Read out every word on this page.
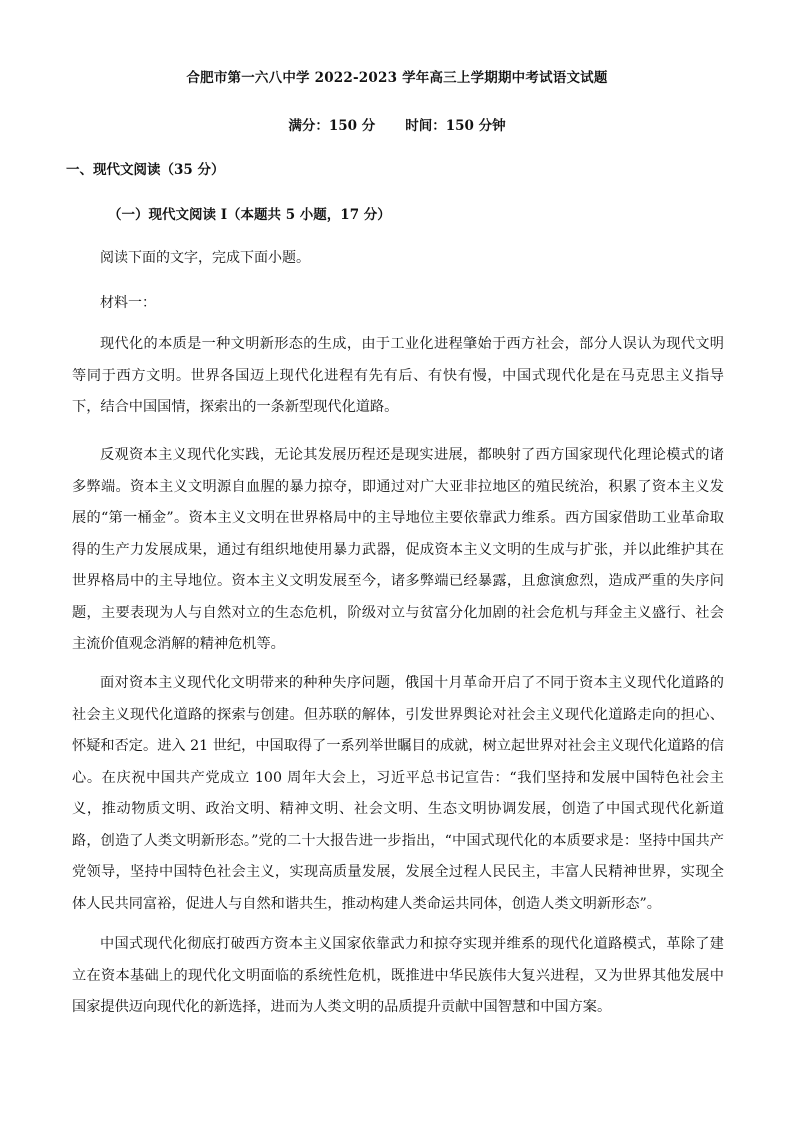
合肥市第一六八中学 2022-2023 学年高三上学期期中考试语文试题
满分：150 分 时间：150 分钟
一、现代文阅读（35 分）
（一）现代文阅读 I（本题共 5 小题，17 分）
阅读下面的文字，完成下面小题。
材料一：

现代化的本质是一种文明新形态的生成，由于工业化进程肇始于西方社会，部分人误认为现代文明等同于西方文明。世界各国迈上现代化进程有先有后、有快有慢，中国式现代化是在马克思主义指导下，结合中国国情，探索出的一条新型现代化道路。

反观资本主义现代化实践，无论其发展历程还是现实进展，都映射了西方国家现代化理论模式的诸多弊端。资本主义文明源自血腥的暴力掠夺，即通过对广大亚非拉地区的殖民统治，积累了资本主义发展的“第一桶金”。资本主义文明在世界格局中的主导地位主要依靠武力维系。西方国家借助工业革命取得的生产力发展成果，通过有组织地使用暴力武器，促成资本主义文明的生成与扩张，并以此维护其在世界格局中的主导地位。资本主义文明发展至今，诸多弊端已经暴露，且愈演愈烈，造成严重的失序问题，主要表现为人与自然对立的生态危机，阶级对立与贫富分化加剧的社会危机与拜金主义盛行、社会主流价值观念消解的精神危机等。

面对资本主义现代化文明带来的种种失序问题，俄国十月革命开启了不同于资本主义现代化道路的社会主义现代化道路的探索与创建。但苏联的解体，引发世界舆论对社会主义现代化道路走向的担心、怀疑和否定。进入 21 世纪，中国取得了一系列举世瞩目的成就，树立起世界对社会主义现代化道路的信心。在庆祝中国共产党成立 100 周年大会上，习近平总书记宣告：“我们坚持和发展中国特色社会主义，推动物质文明、政治文明、精神文明、社会文明、生态文明协调发展，创造了中国式现代化新道路，创造了人类文明新形态。”党的二十大报告进一步指出，“中国式现代化的本质要求是：坚持中国共产党领导，坚持中国特色社会主义，实现高质量发展，发展全过程人民民主，丰富人民精神世界，实现全体人民共同富裕，促进人与自然和谐共生，推动构建人类命运共同体，创造人类文明新形态”。

中国式现代化彻底打破西方资本主义国家依靠武力和掠夺实现并维系的现代化道路模式，革除了建立在资本基础上的现代化文明面临的系统性危机，既推进中华民族伟大复兴进程，又为世界其他发展中国家提供迈向现代化的新选择，进而为人类文明的品质提升贡献中国智慧和中国方案。
